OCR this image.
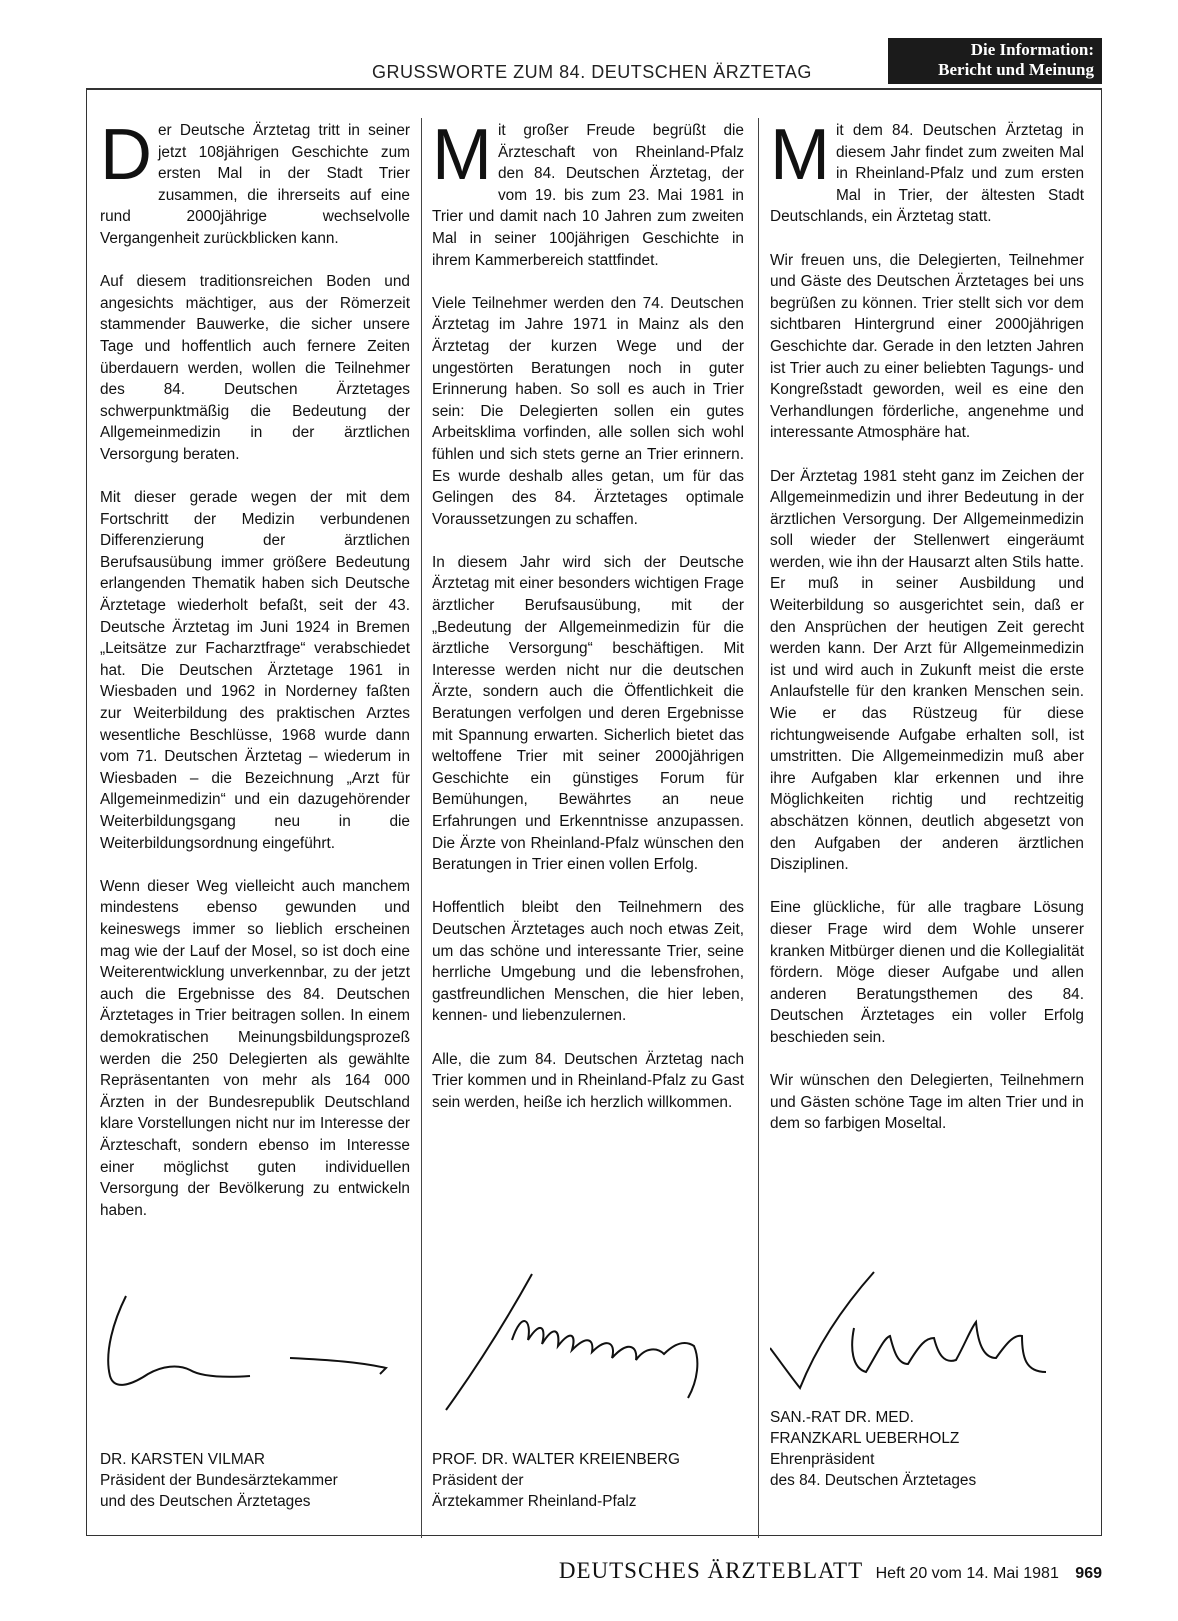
GRUSSWORTE ZUM 84. DEUTSCHEN ÄRZTETAG
Die Information:
Bericht und Meinung

Der Deutsche Ärztetag tritt in seiner jetzt 108jährigen Geschichte zum ersten Mal in der Stadt Trier zusammen, die ihrerseits auf eine rund 2000jährige wechselvolle Vergangenheit zurückblicken kann.

Auf diesem traditionsreichen Boden und angesichts mächtiger, aus der Römerzeit stammender Bauwerke, die sicher unsere Tage und hoffentlich auch fernere Zeiten überdauern werden, wollen die Teilnehmer des 84. Deutschen Ärztetages schwerpunktmäßig die Bedeutung der Allgemeinmedizin in der ärztlichen Versorgung beraten.

Mit dieser gerade wegen der mit dem Fortschritt der Medizin verbundenen Differenzierung der ärztlichen Berufsausübung immer größere Bedeutung erlangenden Thematik haben sich Deutsche Ärztetage wiederholt befaßt, seit der 43. Deutsche Ärztetag im Juni 1924 in Bremen „Leitsätze zur Facharztfrage“ verabschiedet hat. Die Deutschen Ärztetage 1961 in Wiesbaden und 1962 in Norderney faßten zur Weiterbildung des praktischen Arztes wesentliche Beschlüsse, 1968 wurde dann vom 71. Deutschen Ärztetag – wiederum in Wiesbaden – die Bezeichnung „Arzt für Allgemeinmedizin“ und ein dazugehörender Weiterbildungsgang neu in die Weiterbildungsordnung eingeführt.

Wenn dieser Weg vielleicht auch manchem mindestens ebenso gewunden und keineswegs immer so lieblich erscheinen mag wie der Lauf der Mosel, so ist doch eine Weiterentwicklung unverkennbar, zu der jetzt auch die Ergebnisse des 84. Deutschen Ärztetages in Trier beitragen sollen. In einem demokratischen Meinungsbildungsprozeß werden die 250 Delegierten als gewählte Repräsentanten von mehr als 164 000 Ärzten in der Bundesrepublik Deutschland klare Vorstellungen nicht nur im Interesse der Ärzteschaft, sondern ebenso im Interesse einer möglichst guten individuellen Versorgung der Bevölkerung zu entwickeln haben.

Mit großer Freude begrüßt die Ärzteschaft von Rheinland-Pfalz den 84. Deutschen Ärztetag, der vom 19. bis zum 23. Mai 1981 in Trier und damit nach 10 Jahren zum zweiten Mal in seiner 100jährigen Geschichte in ihrem Kammerbereich stattfindet.

Viele Teilnehmer werden den 74. Deutschen Ärztetag im Jahre 1971 in Mainz als den Ärztetag der kurzen Wege und der ungestörten Beratungen noch in guter Erinnerung haben. So soll es auch in Trier sein: Die Delegierten sollen ein gutes Arbeitsklima vorfinden, alle sollen sich wohl fühlen und sich stets gerne an Trier erinnern. Es wurde deshalb alles getan, um für das Gelingen des 84. Ärztetages optimale Voraussetzungen zu schaffen.

In diesem Jahr wird sich der Deutsche Ärztetag mit einer besonders wichtigen Frage ärztlicher Berufsausübung, mit der „Bedeutung der Allgemeinmedizin für die ärztliche Versorgung“ beschäftigen. Mit Interesse werden nicht nur die deutschen Ärzte, sondern auch die Öffentlichkeit die Beratungen verfolgen und deren Ergebnisse mit Spannung erwarten. Sicherlich bietet das weltoffene Trier mit seiner 2000jährigen Geschichte ein günstiges Forum für Bemühungen, Bewährtes an neue Erfahrungen und Erkenntnisse anzupassen. Die Ärzte von Rheinland-Pfalz wünschen den Beratungen in Trier einen vollen Erfolg.

Hoffentlich bleibt den Teilnehmern des Deutschen Ärztetages auch noch etwas Zeit, um das schöne und interessante Trier, seine herrliche Umgebung und die lebensfrohen, gastfreundlichen Menschen, die hier leben, kennen- und liebenzulernen.

Alle, die zum 84. Deutschen Ärztetag nach Trier kommen und in Rheinland-Pfalz zu Gast sein werden, heiße ich herzlich willkommen.

Mit dem 84. Deutschen Ärztetag in diesem Jahr findet zum zweiten Mal in Rheinland-Pfalz und zum ersten Mal in Trier, der ältesten Stadt Deutschlands, ein Ärztetag statt.

Wir freuen uns, die Delegierten, Teilnehmer und Gäste des Deutschen Ärztetages bei uns begrüßen zu können. Trier stellt sich vor dem sichtbaren Hintergrund einer 2000jährigen Geschichte dar. Gerade in den letzten Jahren ist Trier auch zu einer beliebten Tagungs- und Kongreßstadt geworden, weil es eine den Verhandlungen förderliche, angenehme und interessante Atmosphäre hat.

Der Ärztetag 1981 steht ganz im Zeichen der Allgemeinmedizin und ihrer Bedeutung in der ärztlichen Versorgung. Der Allgemeinmedizin soll wieder der Stellenwert eingeräumt werden, wie ihn der Hausarzt alten Stils hatte. Er muß in seiner Ausbildung und Weiterbildung so ausgerichtet sein, daß er den Ansprüchen der heutigen Zeit gerecht werden kann. Der Arzt für Allgemeinmedizin ist und wird auch in Zukunft meist die erste Anlaufstelle für den kranken Menschen sein. Wie er das Rüstzeug für diese richtungweisende Aufgabe erhalten soll, ist umstritten. Die Allgemeinmedizin muß aber ihre Aufgaben klar erkennen und ihre Möglichkeiten richtig und rechtzeitig abschätzen können, deutlich abgesetzt von den Aufgaben der anderen ärztlichen Disziplinen.

Eine glückliche, für alle tragbare Lösung dieser Frage wird dem Wohle unserer kranken Mitbürger dienen und die Kollegialität fördern. Möge dieser Aufgabe und allen anderen Beratungsthemen des 84. Deutschen Ärztetages ein voller Erfolg beschieden sein.

Wir wünschen den Delegierten, Teilnehmern und Gästen schöne Tage im alten Trier und in dem so farbigen Moseltal.

DR. KARSTEN VILMAR
Präsident der Bundesärztekammer
und des Deutschen Ärztetages
PROF. DR. WALTER KREIENBERG
Präsident der
Ärztekammer Rheinland-Pfalz
SAN.-RAT DR. MED.
FRANZKARL UEBERHOLZ
Ehrenpräsident
des 84. Deutschen Ärztetages
DEUTSCHES ÄRZTEBLATT Heft 20 vom 14. Mai 1981 969
